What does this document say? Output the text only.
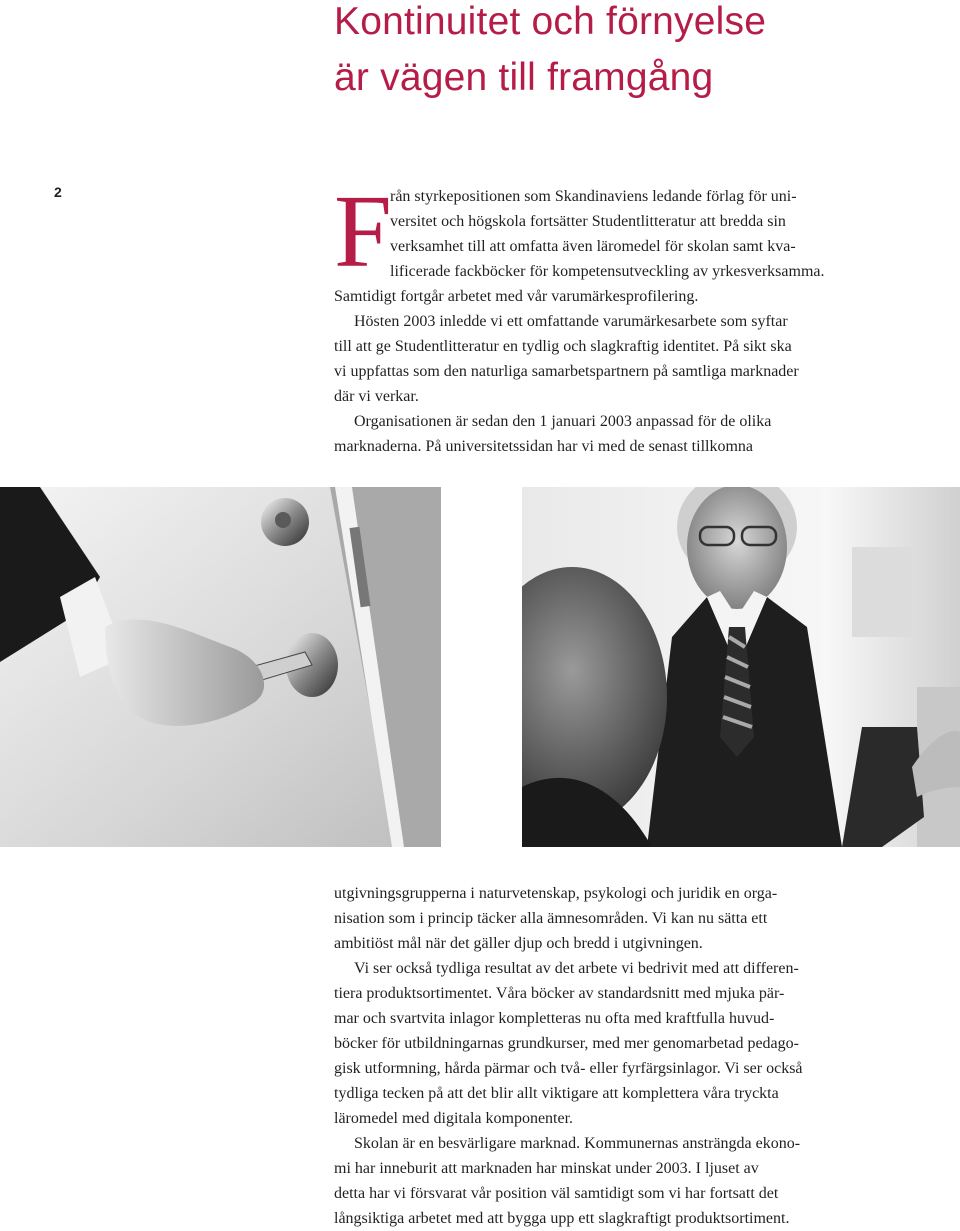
Kontinuitet och förnyelse
är vägen till framgång
2	F

rån styrkepositionen som Skandinaviens ledande förlag för uni-

versitet och högskola fortsätter Studentlitteratur att bredda sin

verksamhet till att omfatta även läromedel för skolan samt kva-

lificerade fackböcker för kompetensutveckling av yrkesverksamma.

Samtidigt fortgår arbetet med vår varumärkesprofilering.

Hösten 2003 inledde vi ett omfattande varumärkesarbete som syftar

till att ge Studentlitteratur en tydlig och slagkraftig identitet. På sikt ska

vi uppfattas som den naturliga samarbetspartnern på samtliga marknader

där vi verkar.

Organisationen är sedan den 1 januari 2003 anpassad för de olika

marknaderna. På universitetssidan har vi med de senast tillkomna

utgivningsgrupperna i naturvetenskap, psykologi och juridik en orga-

nisation som i princip täcker alla ämnesområden. Vi kan nu sätta ett

ambitiöst mål när det gäller djup och bredd i utgivningen.

Vi ser också tydliga resultat av det arbete vi bedrivit med att differen-

tiera produktsortimentet. Våra böcker av standardsnitt med mjuka pär-

mar och svartvita inlagor kompletteras nu ofta med kraftfulla huvud-

böcker för utbildningarnas grundkurser, med mer genomarbetad pedago-

gisk utformning, hårda pärmar och två- eller fyrfärgsinlagor. Vi ser också

tydliga tecken på att det blir allt viktigare att komplettera våra tryckta

läromedel med digitala komponenter.

Skolan är en besvärligare marknad. Kommunernas ansträngda ekono-

mi har inneburit att marknaden har minskat under 2003. I ljuset av

detta har vi försvarat vår position väl samtidigt som vi har fortsatt det

långsiktiga arbetet med att bygga upp ett slagkraftigt produktsortiment.
